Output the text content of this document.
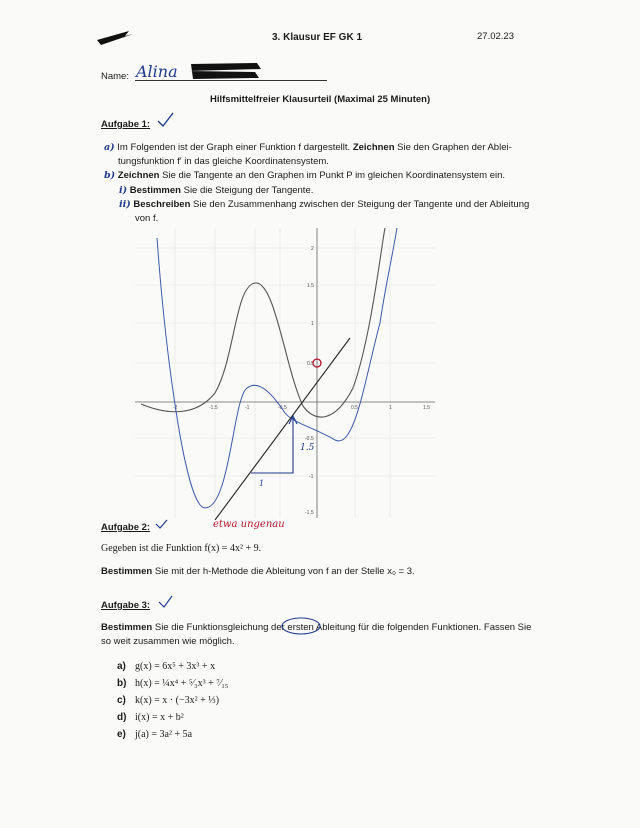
3. Klausur EF GK 1	27.02.23
Name: Alina
Hilfsmittelfreier Klausurteil (Maximal 25 Minuten)
Aufgabe 1:
a) Im Folgenden ist der Graph einer Funktion f dargestellt. Zeichnen Sie den Graphen der Ablei-
tungsfunktion f' in das gleiche Koordinatensystem.
b) Zeichnen Sie die Tangente an den Graphen im Punkt P im gleichen Koordinatensystem ein.
i) Bestimmen Sie die Steigung der Tangente.
ii) Beschreiben Sie den Zusammenhang zwischen der Steigung der Tangente und der Ableitung
von f.
-2	-1.5	-1	-0.5	0.5	1	1.5
2
1.5
1
0.5
-0.5
-1
-1.5
1.5
1
etwa ungenau
Aufgabe 2:
Gegeben ist die Funktion f(x) = 4x² + 9.
Bestimmen Sie mit der h-Methode die Ableitung von f an der Stelle x₀ = 3.
Aufgabe 3:
Bestimmen Sie die Funktionsgleichung der ersten Ableitung für die folgenden Funktionen. Fassen Sie
so weit zusammen wie möglich.
a) g(x) = 6x⁵ + 3x³ + x
b) h(x) = ¼x⁴ + ⁵⁄₃x³ + ⁷⁄₁₅
c) k(x) = x · (−3x² + ⅓)
d) i(x) = x + b²
e) j(a) = 3a² + 5a
